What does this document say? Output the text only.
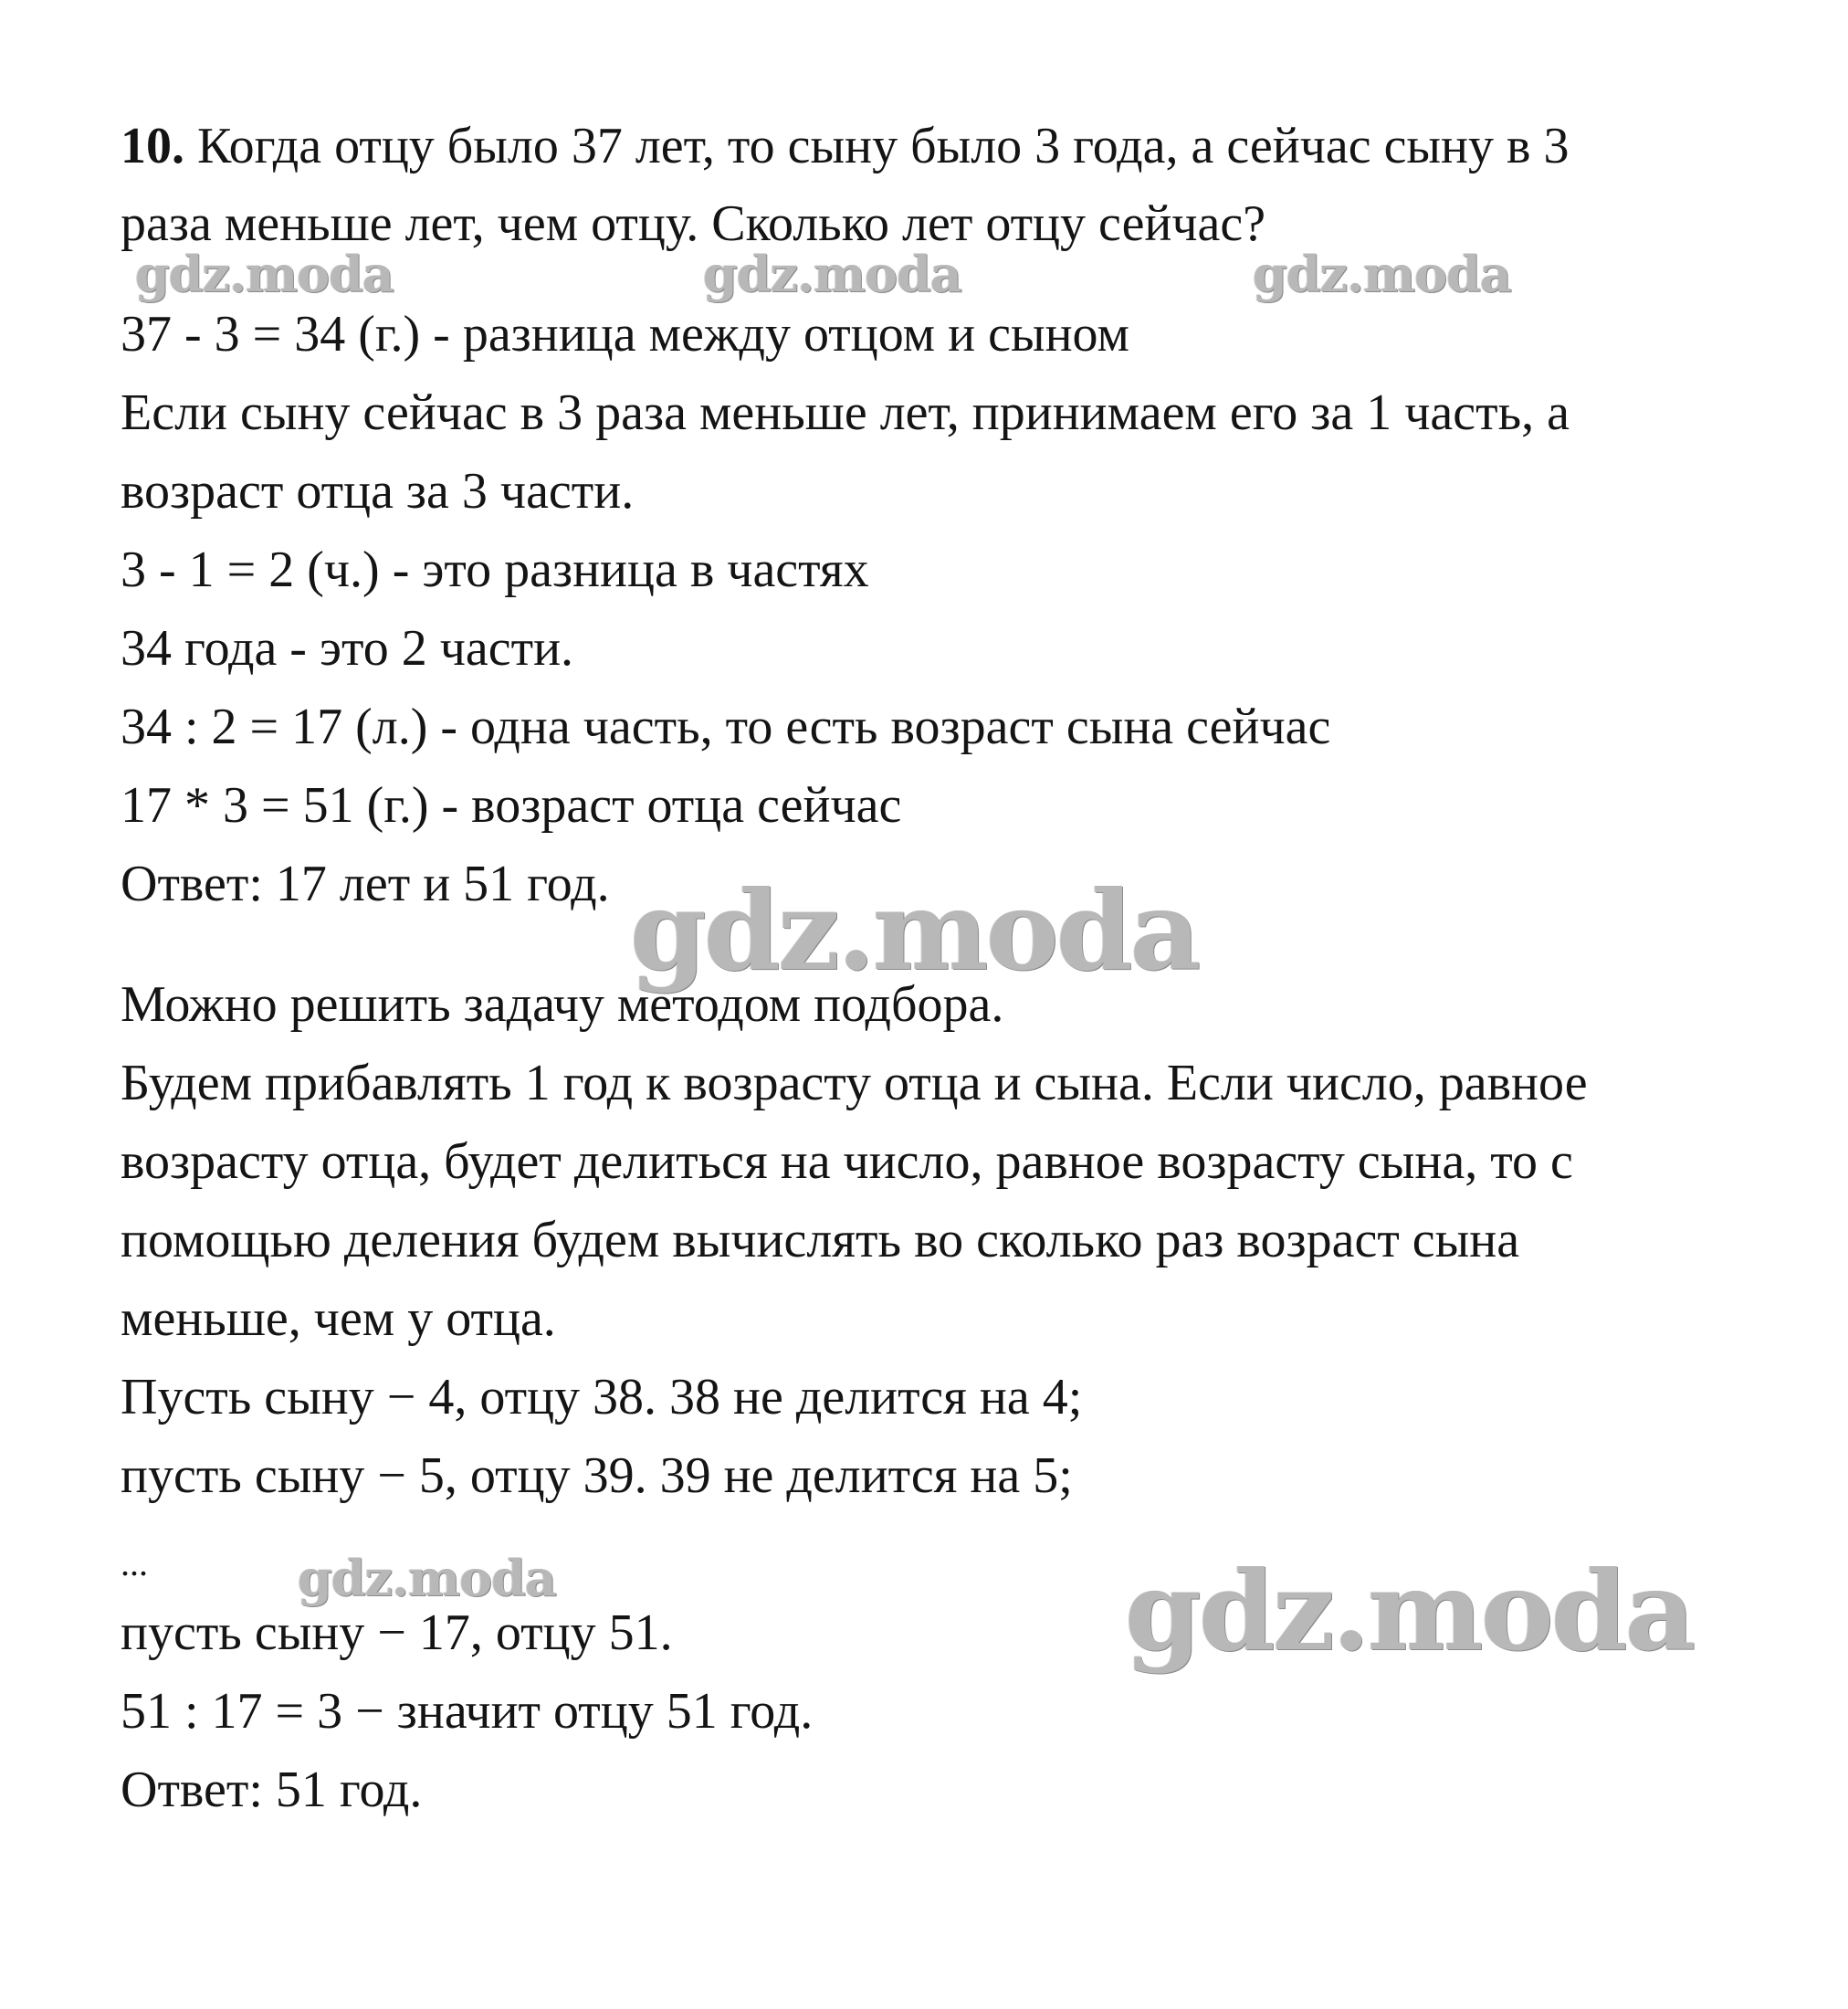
10. Когда отцу было 37 лет, то сыну было 3 года, а сейчас сыну в 3

раза меньше лет, чем отцу. Сколько лет отцу сейчас?

37 - 3 = 34 (г.) - разница между отцом и сыном

Если сыну сейчас в 3 раза меньше лет, принимаем его за 1 часть, а

возраст отца за 3 части.

3 - 1 = 2 (ч.) - это разница в частях

34 года - это 2 части.

34 : 2 = 17 (л.) - одна часть, то есть возраст сына сейчас

17 * 3 = 51 (г.) - возраст отца сейчас

Ответ: 17 лет и 51 год.

Можно решить задачу методом подбора.

Будем прибавлять 1 год к возрасту отца и сына. Если число, равное

возрасту отца, будет делиться на число, равное возрасту сына, то с

помощью деления будем вычислять во сколько раз возраст сына

меньше, чем у отца.

Пусть сыну − 4, отцу 38. 38 не делится на 4;

пусть сыну − 5, отцу 39. 39 не делится на 5;

...

пусть сыну − 17, отцу 51.

51 : 17 = 3 − значит отцу 51 год.

Ответ: 51 год.

gdz.moda	gdz.moda	gdz.moda
gdz.moda
gdz.moda	gdz.moda
